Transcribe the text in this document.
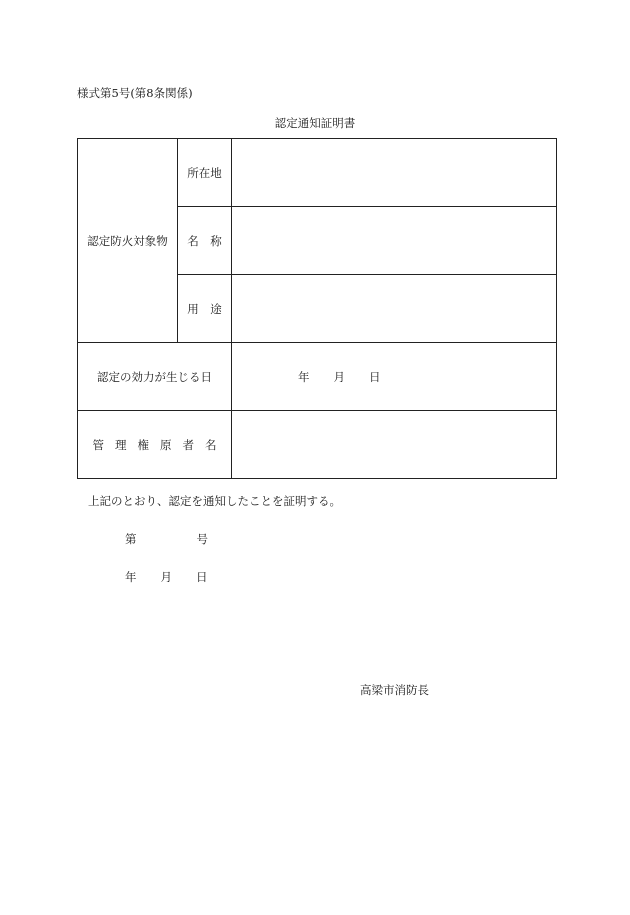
様式第5号(第8条関係)
認定通知証明書
認定防火対象物	所在地	
	名　称	
	用　途	
認定の効力が生じる日		年 月 日
管理権原者名		
上記のとおり、認定を通知したことを証明する。
第	号
年 月 日
高梁市消防長
